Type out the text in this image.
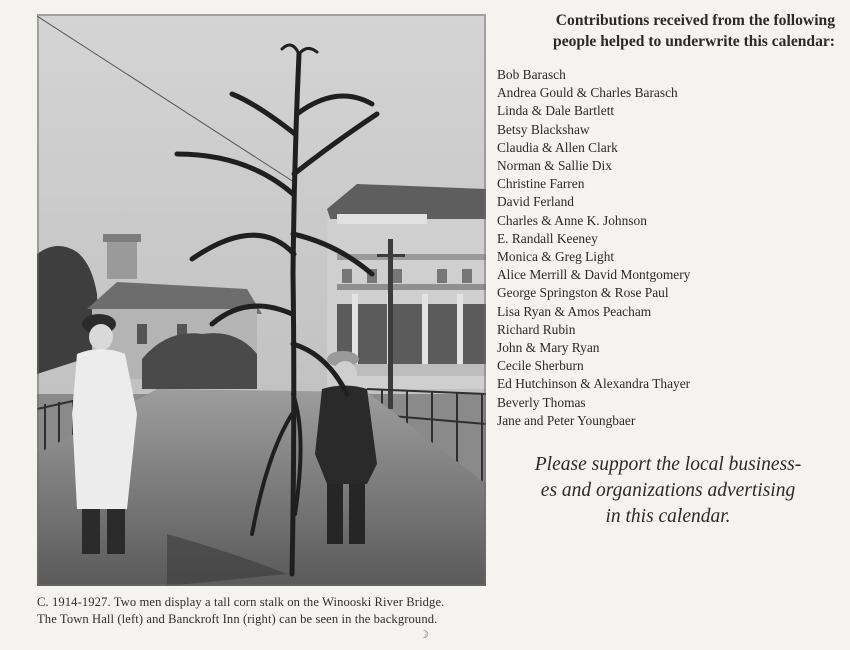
C. 1914-1927. Two men display a tall corn stalk on the Winooski River Bridge.
The Town Hall (left) and Banckroft Inn (right) can be seen in the background.
Contributions received from the following
people helped to underwrite this calendar:
Bob Barasch
Andrea Gould & Charles Barasch
Linda & Dale Bartlett
Betsy Blackshaw
Claudia & Allen Clark
Norman & Sallie Dix
Christine Farren
David Ferland
Charles & Anne K. Johnson
E. Randall Keeney
Monica & Greg Light
Alice Merrill & David Montgomery
George Springston & Rose Paul
Lisa Ryan & Amos Peacham
Richard Rubin
John & Mary Ryan
Cecile Sherburn
Ed Hutchinson & Alexandra Thayer
Beverly Thomas
Jane and Peter Youngbaer
Please support the local business-
es and organizations advertising
in this calendar.
☽
